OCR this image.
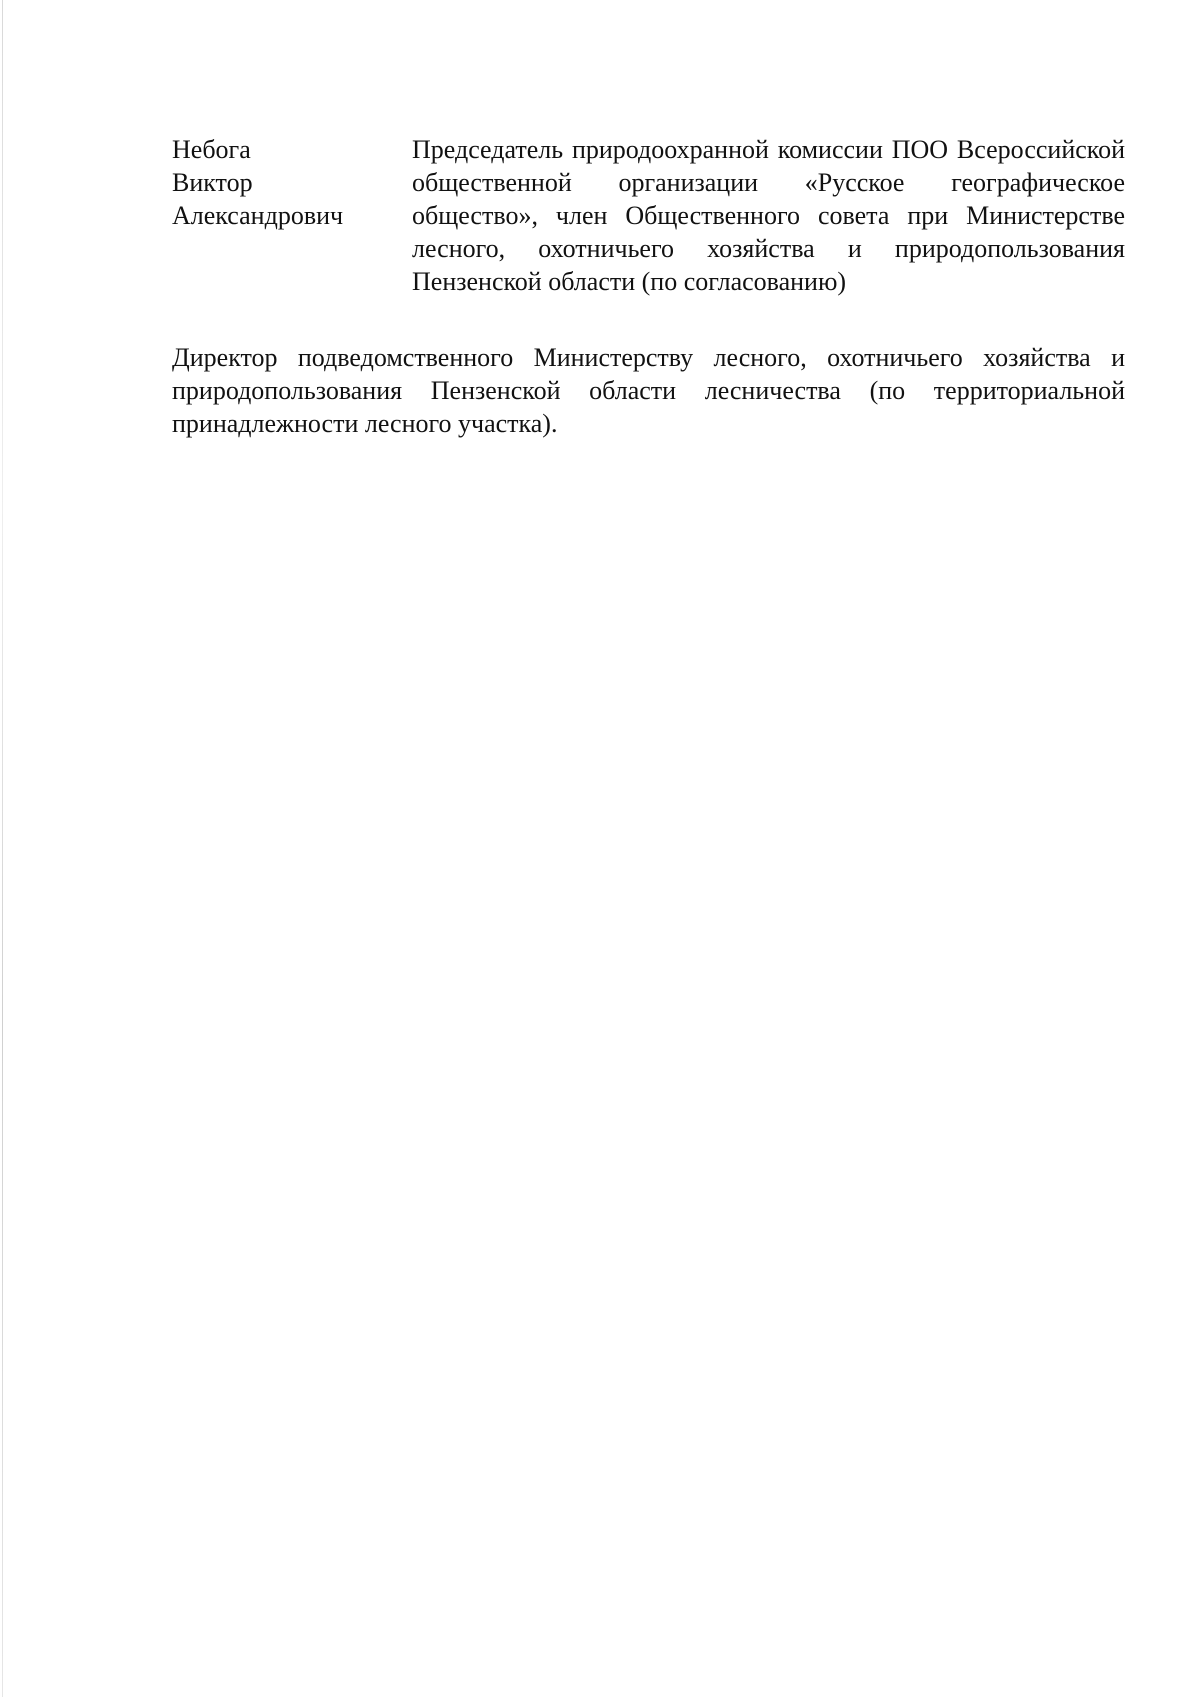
Небога
Виктор
Александрович
Председатель природоохранной комиссии ПОО Всероссийской общественной организации «Русское географическое общество», член Общественного совета при Министерстве лесного, охотничьего хозяйства и природопользования Пензенской области (по согласованию)

Директор подведомственного Министерству лесного, охотничьего хозяйства и природопользования Пензенской области лесничества (по территориальной принадлежности лесного участка).
